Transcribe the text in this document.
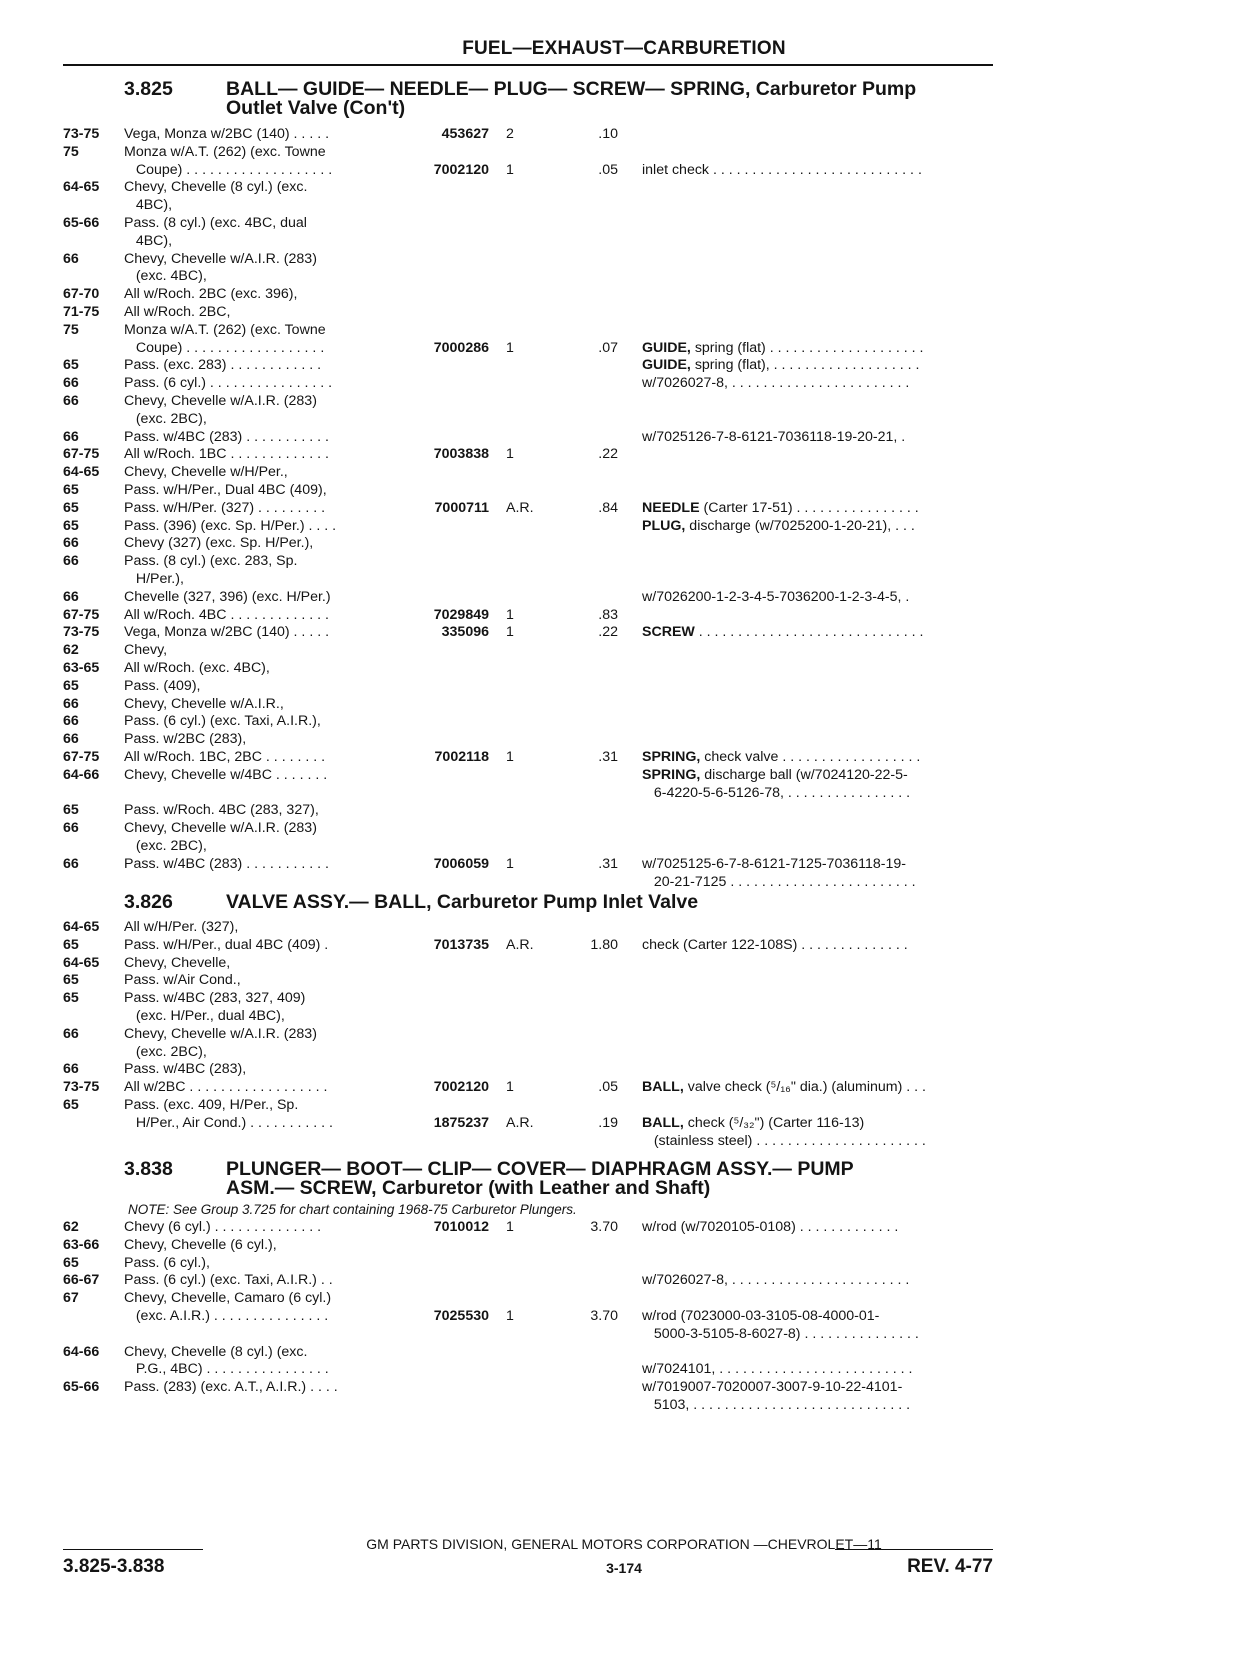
FUEL—EXHAUST—CARBURETION
3.825	BALL— GUIDE— NEEDLE— PLUG— SCREW— SPRING, Carburetor Pump
Outlet Valve (Con't)
73-75 Vega, Monza w/2BC (140) . . . . .	453627 2	.10
75	Monza w/A.T. (262) (exc. Towne
Coupe) . . . . . . . . . . . . . . . . . . .	7002120 1	.05 inlet check . . . . . . . . . . . . . . . . . . . . . . . . . . .
64-65 Chevy, Chevelle (8 cyl.) (exc.
4BC),
65-66 Pass. (8 cyl.) (exc. 4BC, dual
4BC),
66	Chevy, Chevelle w/A.I.R. (283)
(exc. 4BC),
67-70 All w/Roch. 2BC (exc. 396),
71-75 All w/Roch. 2BC,
75	Monza w/A.T. (262) (exc. Towne
Coupe) . . . . . . . . . . . . . . . . . .	7000286 1	.07 GUIDE, spring (flat) . . . . . . . . . . . . . . . . . . . .
65	Pass. (exc. 283) . . . . . . . . . . . .	GUIDE, spring (flat), . . . . . . . . . . . . . . . . . . .
66	Pass. (6 cyl.) . . . . . . . . . . . . . . . .	w/7026027-8, . . . . . . . . . . . . . . . . . . . . . . .
66	Chevy, Chevelle w/A.I.R. (283)
(exc. 2BC),
66	Pass. w/4BC (283) . . . . . . . . . . .	w/7025126-7-8-6121-7036118-19-20-21, .
67-75 All w/Roch. 1BC . . . . . . . . . . . . .	7003838 1	.22
64-65 Chevy, Chevelle w/H/Per.,
65	Pass. w/H/Per., Dual 4BC (409),
65	Pass. w/H/Per. (327) . . . . . . . . .	7000711 A.R.	.84 NEEDLE (Carter 17-51) . . . . . . . . . . . . . . . .
65	Pass. (396) (exc. Sp. H/Per.) . . . .	PLUG, discharge (w/7025200-1-20-21), . . .
66	Chevy (327) (exc. Sp. H/Per.),
66	Pass. (8 cyl.) (exc. 283, Sp.
H/Per.),
66	Chevelle (327, 396) (exc. H/Per.)	w/7026200-1-2-3-4-5-7036200-1-2-3-4-5, .
67-75 All w/Roch. 4BC . . . . . . . . . . . . .	7029849 1	.83
73-75 Vega, Monza w/2BC (140) . . . . .	335096 1	.22 SCREW . . . . . . . . . . . . . . . . . . . . . . . . . . . . .
62	Chevy,
63-65 All w/Roch. (exc. 4BC),
65	Pass. (409),
66	Chevy, Chevelle w/A.I.R.,
66	Pass. (6 cyl.) (exc. Taxi, A.I.R.),
66	Pass. w/2BC (283),
67-75 All w/Roch. 1BC, 2BC . . . . . . . .	7002118 1	.31 SPRING, check valve . . . . . . . . . . . . . . . . . .
64-66 Chevy, Chevelle w/4BC . . . . . . .	SPRING, discharge ball (w/7024120-22-5-
6-4220-5-6-5126-78, . . . . . . . . . . . . . . . .
65	Pass. w/Roch. 4BC (283, 327),
66	Chevy, Chevelle w/A.I.R. (283)
(exc. 2BC),
66	Pass. w/4BC (283) . . . . . . . . . . .	7006059 1	.31 w/7025125-6-7-8-6121-7125-7036118-19-
20-21-7125 . . . . . . . . . . . . . . . . . . . . . . . .
3.826	VALVE ASSY.— BALL, Carburetor Pump Inlet Valve
64-65 All w/H/Per. (327),
65	Pass. w/H/Per., dual 4BC (409) .	7013735 A.R.	1.80 check (Carter 122-108S) . . . . . . . . . . . . . .
64-65 Chevy, Chevelle,
65	Pass. w/Air Cond.,
65	Pass. w/4BC (283, 327, 409)
(exc. H/Per., dual 4BC),
66	Chevy, Chevelle w/A.I.R. (283)
(exc. 2BC),
66	Pass. w/4BC (283),
73-75 All w/2BC . . . . . . . . . . . . . . . . . .	7002120 1	.05 BALL, valve check (⁵/₁₆" dia.) (aluminum) . . .
65	Pass. (exc. 409, H/Per., Sp.
H/Per., Air Cond.) . . . . . . . . . . .	1875237 A.R.	.19 BALL, check (⁵/₃₂") (Carter 116-13)
(stainless steel) . . . . . . . . . . . . . . . . . . . . . .
3.838	PLUNGER— BOOT— CLIP— COVER— DIAPHRAGM ASSY.— PUMP
ASM.— SCREW, Carburetor (with Leather and Shaft)
NOTE: See Group 3.725 for chart containing 1968-75 Carburetor Plungers.
62	Chevy (6 cyl.) . . . . . . . . . . . . . .	7010012 1	3.70 w/rod (w/7020105-0108) . . . . . . . . . . . . .
63-66 Chevy, Chevelle (6 cyl.),
65	Pass. (6 cyl.),
66-67 Pass. (6 cyl.) (exc. Taxi, A.I.R.) . .	w/7026027-8, . . . . . . . . . . . . . . . . . . . . . . .
67	Chevy, Chevelle, Camaro (6 cyl.)
(exc. A.I.R.) . . . . . . . . . . . . . . .	7025530 1	3.70 w/rod (7023000-03-3105-08-4000-01-
5000-3-5105-8-6027-8) . . . . . . . . . . . . . . .
64-66 Chevy, Chevelle (8 cyl.) (exc.
P.G., 4BC) . . . . . . . . . . . . . . . .	w/7024101, . . . . . . . . . . . . . . . . . . . . . . . . .
65-66 Pass. (283) (exc. A.T., A.I.R.) . . . .	w/7019007-7020007-3007-9-10-22-4101-
5103, . . . . . . . . . . . . . . . . . . . . . . . . . . . .
GM PARTS DIVISION, GENERAL MOTORS CORPORATION —CHEVROLET—11
3.825-3.838	3-174	REV. 4-77
